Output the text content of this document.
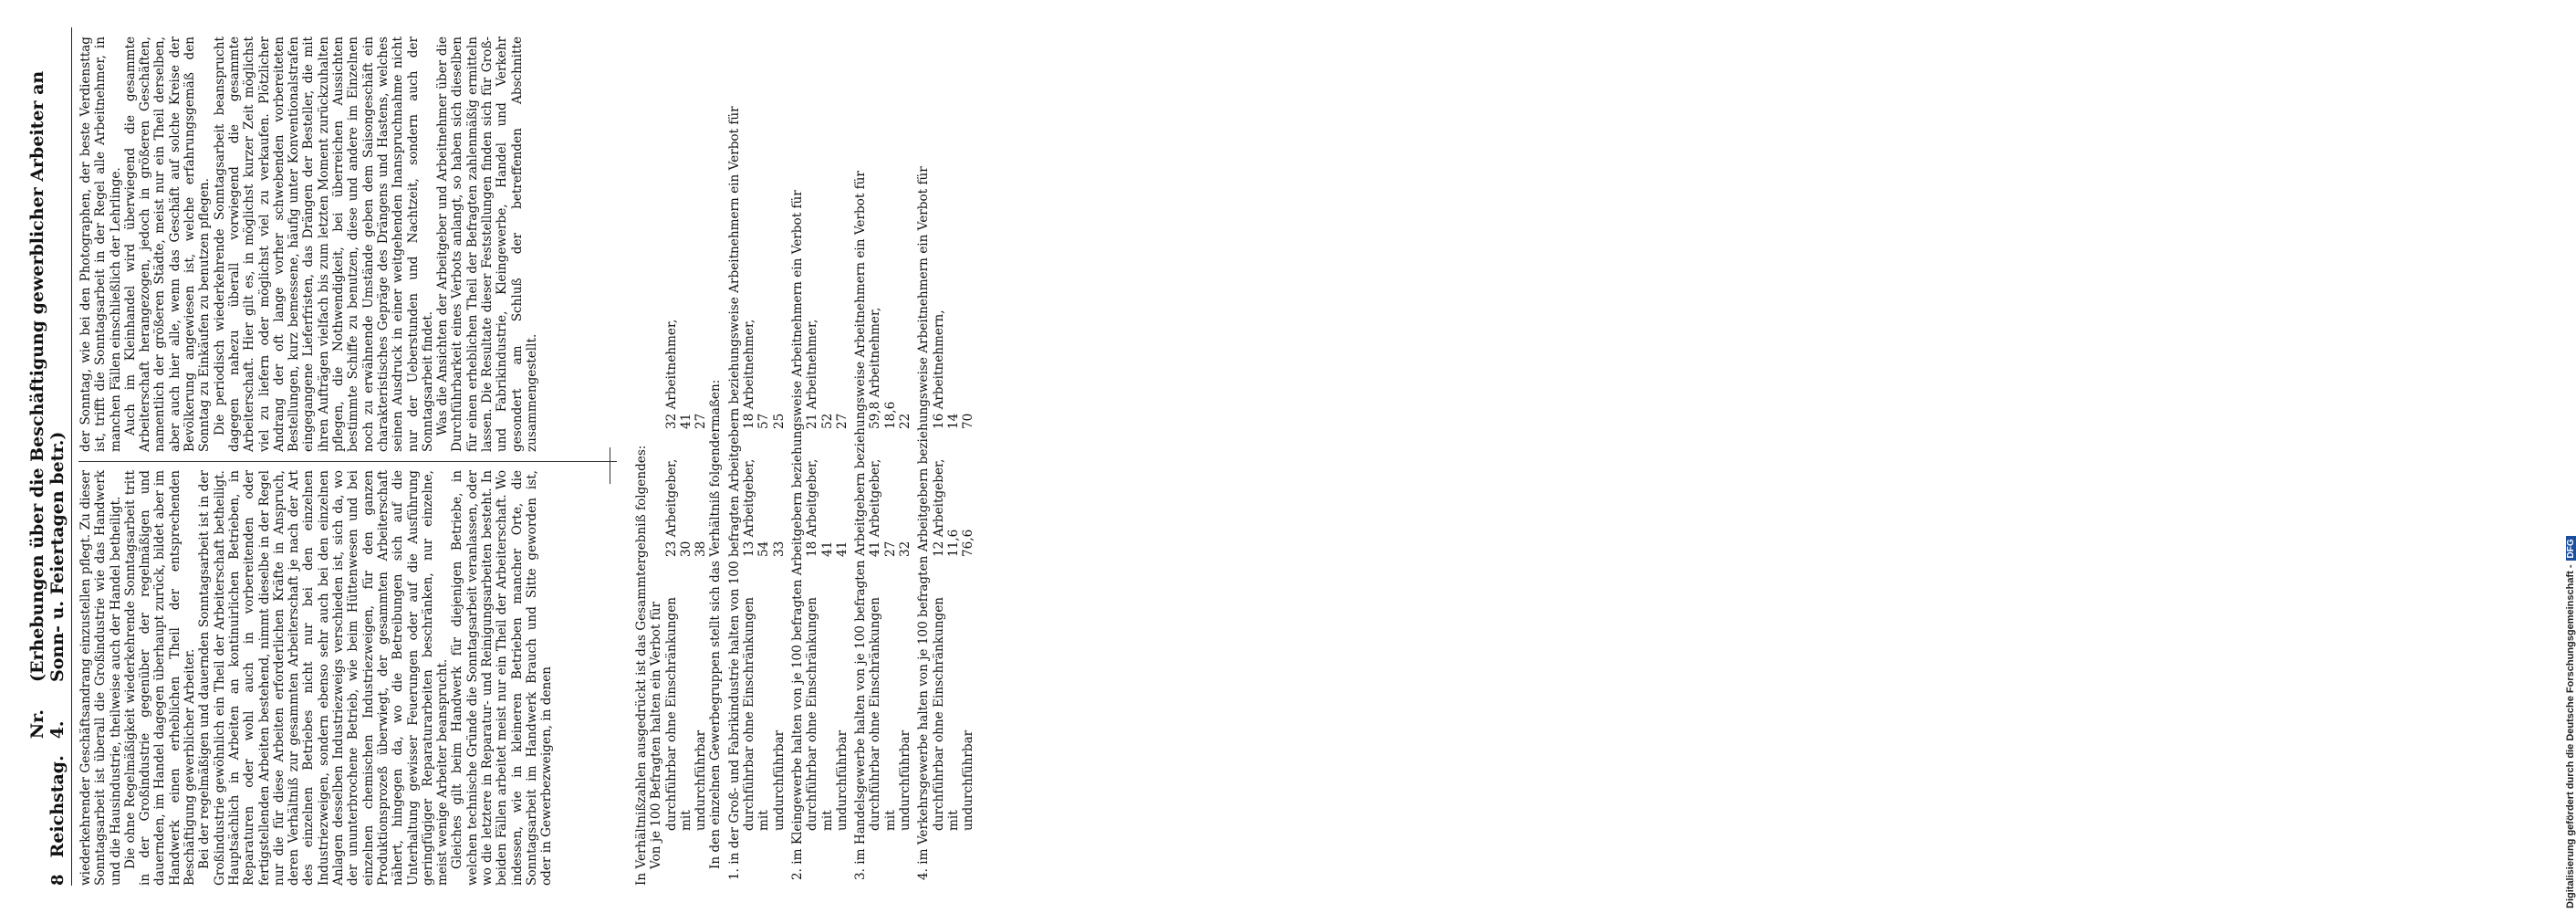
8
Reichstag.
Nr. 4.
(Erhebungen über die Beschäftigung gewerblicher Arbeiter an Sonn- u. Feiertagen betr.) wiederkehrender Geschäftsandrang einzustellen pflegt. Zu dieser Sonntagsarbeit ist überall die Großindustrie wie das Handwerk und die Hausindustrie, theilweise auch der Handel betheiligt. Die ohne Regelmäßigkeit wiederkehrende Sonntagsarbeit tritt in der Großindustrie gegenüber der regelmäßigen und dauernden, im Handel dagegen überhaupt zurück, bildet aber im Handwerk einen erheblichen Theil der entsprechenden Beschäftigung gewerblicher Arbeiter. Bei der regelmäßigen und dauernden Sonntagsarbeit ist in der Großindustrie gewöhnlich ein Theil der Arbeiterschaft betheiligt. Hauptsächlich in Arbeiten an kontinuirlichen Betrieben, in Reparaturen oder wohl auch in vorbereitenden oder fertigstellenden Arbeiten bestehend, nimmt dieselbe in der Regel nur die für diese Arbeiten erforderlichen Kräfte in Anspruch, deren Verhältniß zur gesammten Arbeiterschaft je nach der Art des einzelnen Betriebes nicht nur bei den einzelnen Industriezweigen, sondern ebenso sehr auch bei den einzelnen Anlagen desselben Industriezweigs verschieden ist, sich da, wo der ununterbrochene Betrieb, wie beim Hüttenwesen und bei einzelnen chemischen Industriezweigen, für den ganzen Produktionsprozeß überwiegt, der gesammten Arbeiterschaft nähert, hingegen da, wo die Betreibungen sich auf die Unterhaltung gewisser Feuerungen oder auf die Ausführung geringfügiger Reparaturarbeiten beschränken, nur einzelne, meist wenige Arbeiter beansprucht. Gleiches gilt beim Handwerk für diejenigen Betriebe, in welchen technische Gründe die Sonntagsarbeit veranlassen, oder wo die letztere in Reparatur- und Reinigungsarbeiten besteht. In beiden Fällen arbeitet meist nur ein Theil der Arbeiterschaft. Wo indessen, wie in kleineren Betrieben mancher Orte, die Sonntagsarbeit im Handwerk Brauch und Sitte geworden ist, oder in Gewerbezweigen, in denen

der Sonntag, wie bei den Photographen, der beste Verdiensttag ist, trifft die Sonntagsarbeit in der Regel alle Arbeitnehmer, in manchen Fällen einschließlich der Lehrlinge. Auch im Kleinhandel wird überwiegend die gesammte Arbeiterschaft herangezogen, jedoch in größeren Geschäften, namentlich der größeren Städte, meist nur ein Theil derselben, aber auch hier alle, wenn das Geschäft auf solche Kreise der Bevölkerung angewiesen ist, welche erfahrungsgemäß den Sonntag zu Einkäufen zu benutzen pflegen. Die periodisch wiederkehrende Sonntagsarbeit beansprucht dagegen nahezu überall vorwiegend die gesammte Arbeiterschaft. Hier gilt es, in möglichst kurzer Zeit möglichst viel zu liefern oder möglichst viel zu verkaufen. Plötzlicher Andrang der oft lange vorher schwebenden vorbereiteten Bestellungen, kurz bemessene, häufig unter Konventionalstrafen eingegangene Lieferfristen, das Drängen der Besteller, die mit ihren Aufträgen vielfach bis zum letzten Moment zurückzuhalten pflegen, die Nothwendigkeit, bei überreichen Aussichten bestimmte Schiffe zu benutzen, diese und andere im Einzelnen noch zu erwähnende Umstände geben dem Saisongeschäft ein charakteristisches Gepräge des Drängens und Hastens, welches seinen Ausdruck in einer weitgehenden Inanspruchnahme nicht nur der Ueberstunden und Nachtzeit, sondern auch der Sonntagsarbeit findet. Was die Ansichten der Arbeitgeber und Arbeitnehmer über die Durchführbarkeit eines Verbots anlangt, so haben sich dieselben für einen erheblichen Theil der Befragten zahlenmäßig ermitteln lassen. Die Resultate dieser Feststellungen finden sich für Groß- und Fabrikindustrie, Kleingewerbe, Handel und Verkehr gesondert am Schluß der betreffenden Abschnitte zusammengestellt.

In Verhältnißzahlen ausgedrückt ist das Gesammtergebniß folgendes: Von je 100 Befragten halten ein Verbot für durchführbar ohne Einschränkungen
23 Arbeitgeber,
32 Arbeitnehmer,
mit
30
41
undurchführbar
38
27 In den einzelnen Gewerbegruppen stellt sich das Verhältniß folgendermaßen: 1. in der Groß- und Fabrikindustrie halten von 100 befragten Arbeitgebern beziehungsweise Arbeitnehmern ein Verbot für durchführbar ohne Einschränkungen
13 Arbeitgeber,
18 Arbeitnehmer,
mit
54
57
undurchführbar
33
25 2. im Kleingewerbe halten von je 100 befragten Arbeitgebern beziehungsweise Arbeitnehmern ein Verbot für durchführbar ohne Einschränkungen
18 Arbeitgeber,
21 Arbeitnehmer,
mit
41
52
undurchführbar
41
27 3. im Handelsgewerbe halten von je 100 befragten Arbeitgebern beziehungsweise Arbeitnehmern ein Verbot für durchführbar ohne Einschränkungen
41 Arbeitgeber,
59,8 Arbeitnehmer,
mit
27
18,6
undurchführbar
32
22 4. im Verkehrsgewerbe halten von je 100 befragten Arbeitgebern beziehungsweise Arbeitnehmern ein Verbot für durchführbar ohne Einschränkungen
12 Arbeitgeber,
16 Arbeitnehmern,
mit
11,6
14
undurchführbar
76,6
70
Digitalisierung gefördert durch die Deutsche Forschungsgemeinschaft -DFG
